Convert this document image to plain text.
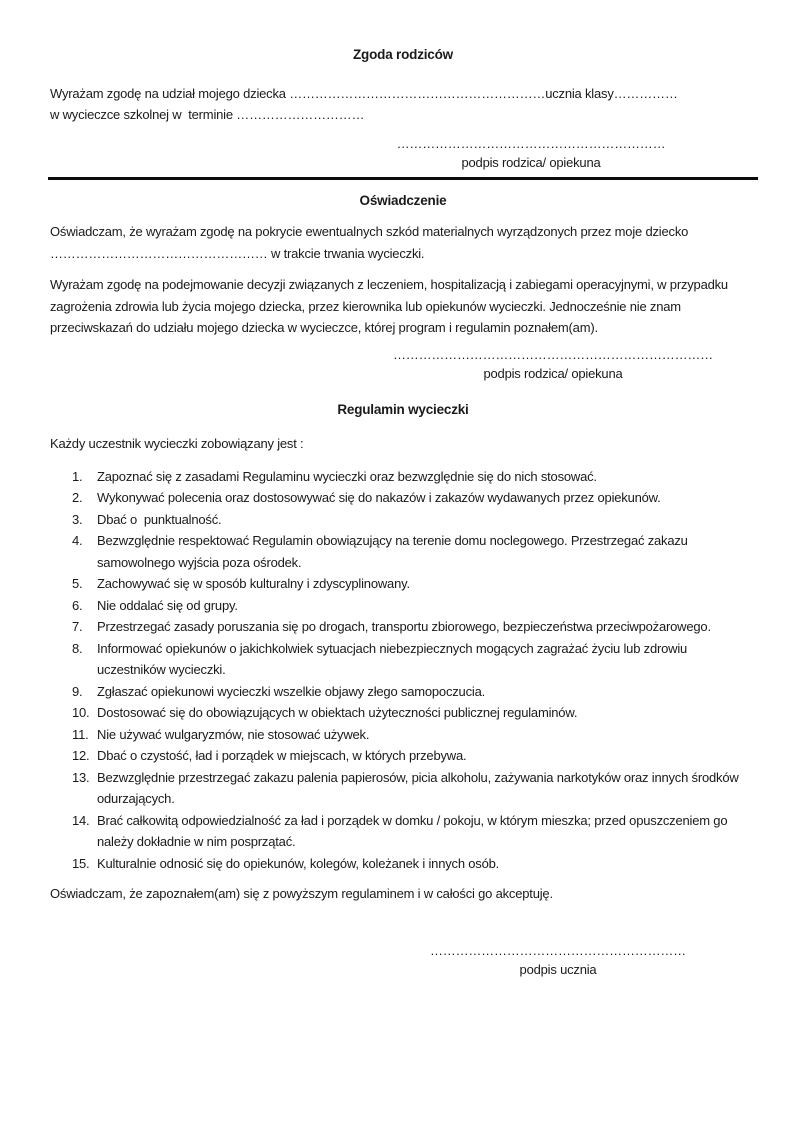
Zgoda rodziców
Wyrażam zgodę na udział mojego dziecka ……………………………………………………ucznia klasy……………
w wycieczce szkolnej w  terminie …………………………
………………………………………………………
podpis rodzica/ opiekuna
Oświadczenie
Oświadczam, że wyrażam zgodę na pokrycie ewentualnych szkód materialnych wyrządzonych przez moje dziecko
…………………………………………… w trakcie trwania wycieczki.
Wyrażam zgodę na podejmowanie decyzji związanych z leczeniem, hospitalizacją i zabiegami operacyjnymi, w przypadku zagrożenia zdrowia lub życia mojego dziecka, przez kierownika lub opiekunów wycieczki. Jednocześnie nie znam przeciwskazań do udziału mojego dziecka w wycieczce, której program i regulamin poznałem(am).
…………………………………………………………………
podpis rodzica/ opiekuna
Regulamin wycieczki
Każdy uczestnik wycieczki zobowiązany jest :
1.	Zapoznać się z zasadami Regulaminu wycieczki oraz bezwzględnie się do nich stosować.
2.	Wykonywać polecenia oraz dostosowywać się do nakazów i zakazów wydawanych przez opiekunów.
3.	Dbać o  punktualność.
4.	Bezwzględnie respektować Regulamin obowiązujący na terenie domu noclegowego. Przestrzegać zakazu samowolnego wyjścia poza ośrodek.
5.	Zachowywać się w sposób kulturalny i zdyscyplinowany.
6.	Nie oddalać się od grupy.
7.	Przestrzegać zasady poruszania się po drogach, transportu zbiorowego, bezpieczeństwa przeciwpożarowego.
8.	Informować opiekunów o jakichkolwiek sytuacjach niebezpiecznych mogących zagrażać życiu lub zdrowiu uczestników wycieczki.
9.	Zgłaszać opiekunowi wycieczki wszelkie objawy złego samopoczucia.
10. Dostosować się do obowiązujących w obiektach użyteczności publicznej regulaminów.
11. Nie używać wulgaryzmów, nie stosować używek.
12. Dbać o czystość, ład i porządek w miejscach, w których przebywa.
13. Bezwzględnie przestrzegać zakazu palenia papierosów, picia alkoholu, zażywania narkotyków oraz innych środków odurzających.
14. Brać całkowitą odpowiedzialność za ład i porządek w domku / pokoju, w którym mieszka; przed opuszczeniem go należy dokładnie w nim posprzątać.
15. Kulturalnie odnosić się do opiekunów, kolegów, koleżanek i innych osób.
Oświadczam, że zapoznałem(am) się z powyższym regulaminem i w całości go akceptuję.
……………………………………………………
podpis ucznia
